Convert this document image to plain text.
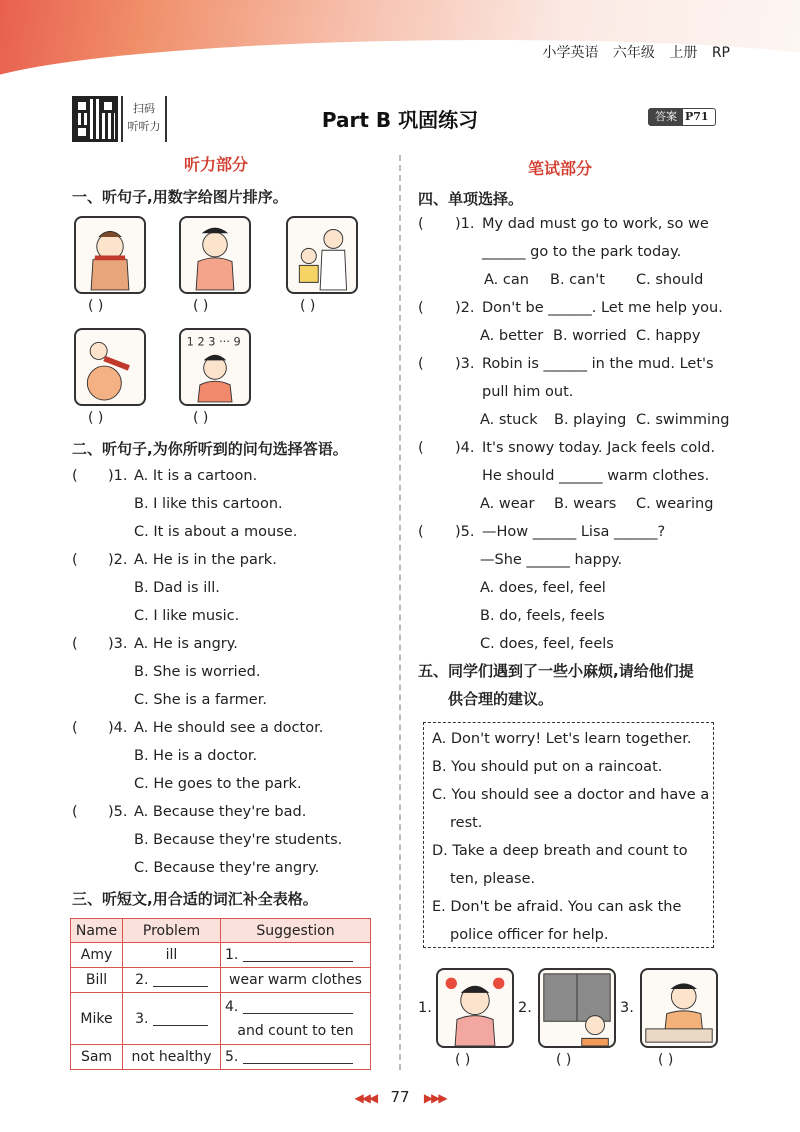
小学英语 六年级 上册 RP
扫码
听听力	Part B 巩固练习	答案 P71
听力部分
一、听句子,用数字给图片排序。
( )	( )	( )
1 2 3 ··· 9
( )	( )
二、听句子,为你所听到的问句选择答语。
( )1. A. It is a cartoon.
B. I like this cartoon.
C. It is about a mouse.
( )2. A. He is in the park.
B. Dad is ill.
C. I like music.
( )3. A. He is angry.
B. She is worried.
C. She is a farmer.
( )4. A. He should see a doctor.
B. He is a doctor.
C. He goes to the park.
( )5. A. Because they're bad.
B. Because they're students.
C. Because they're angry.
三、听短文,用合适的词汇补全表格。
Name	Problem	Suggestion
Amy	ill	1.
Bill	2.	wear warm clothes
Mike	3.	4.
and count to ten

Sam	not healthy	5.
笔试部分
四、单项选择。
( )1. My dad must go to work, so we
______ go to the park today.
A. can B. can't C. should
( )2. Don't be ______. Let me help you.
A. better B. worried C. happy
( )3. Robin is ______ in the mud. Let's
pull him out.
A. stuck B. playing C. swimming
( )4. It's snowy today. Jack feels cold.
He should ______ warm clothes.
A. wear B. wears C. wearing
( )5. —How ______ Lisa ______?
—She ______ happy.
A. does, feel, feel
B. do, feels, feels
C. does, feel, feels
五、同学们遇到了一些小麻烦,请给他们提
供合理的建议。
A. Don't worry! Let's learn together.
B. You should put on a raincoat.
C. You should see a doctor and have a
rest.
D. Take a deep breath and count to
ten, please.
E. Don't be afraid. You can ask the
police officer for help.
1.	2.	3.
( )	( )	( )
◀◀◀ 77 ▶▶▶
